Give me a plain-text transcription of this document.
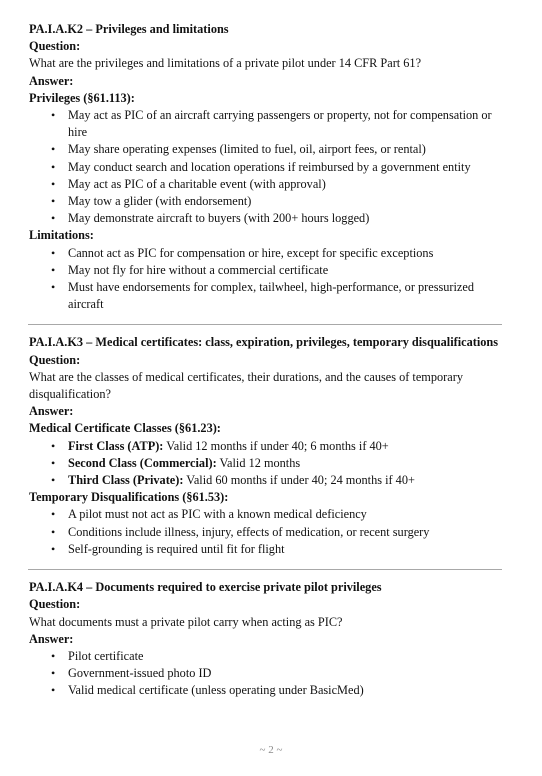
PA.I.A.K2 – Privileges and limitations

Question:

What are the privileges and limitations of a private pilot under 14 CFR Part 61?

Answer:

Privileges (§61.113):

• May act as PIC of an aircraft carrying passengers or property, not for compensation or hire
• May share operating expenses (limited to fuel, oil, airport fees, or rental)
• May conduct search and location operations if reimbursed by a government entity
• May act as PIC of a charitable event (with approval)
• May tow a glider (with endorsement)
• May demonstrate aircraft to buyers (with 200+ hours logged)

Limitations:

• Cannot act as PIC for compensation or hire, except for specific exceptions
• May not fly for hire without a commercial certificate
• Must have endorsements for complex, tailwheel, high-performance, or pressurized aircraft

PA.I.A.K3 – Medical certificates: class, expiration, privileges, temporary disqualifications

Question:

What are the classes of medical certificates, their durations, and the causes of temporary disqualification?

Answer:

Medical Certificate Classes (§61.23):

• First Class (ATP): Valid 12 months if under 40; 6 months if 40+
• Second Class (Commercial): Valid 12 months
• Third Class (Private): Valid 60 months if under 40; 24 months if 40+

Temporary Disqualifications (§61.53):

• A pilot must not act as PIC with a known medical deficiency
• Conditions include illness, injury, effects of medication, or recent surgery
• Self-grounding is required until fit for flight

PA.I.A.K4 – Documents required to exercise private pilot privileges

Question:

What documents must a private pilot carry when acting as PIC?

Answer:

• Pilot certificate
• Government-issued photo ID
• Valid medical certificate (unless operating under BasicMed)
~ 2 ~
